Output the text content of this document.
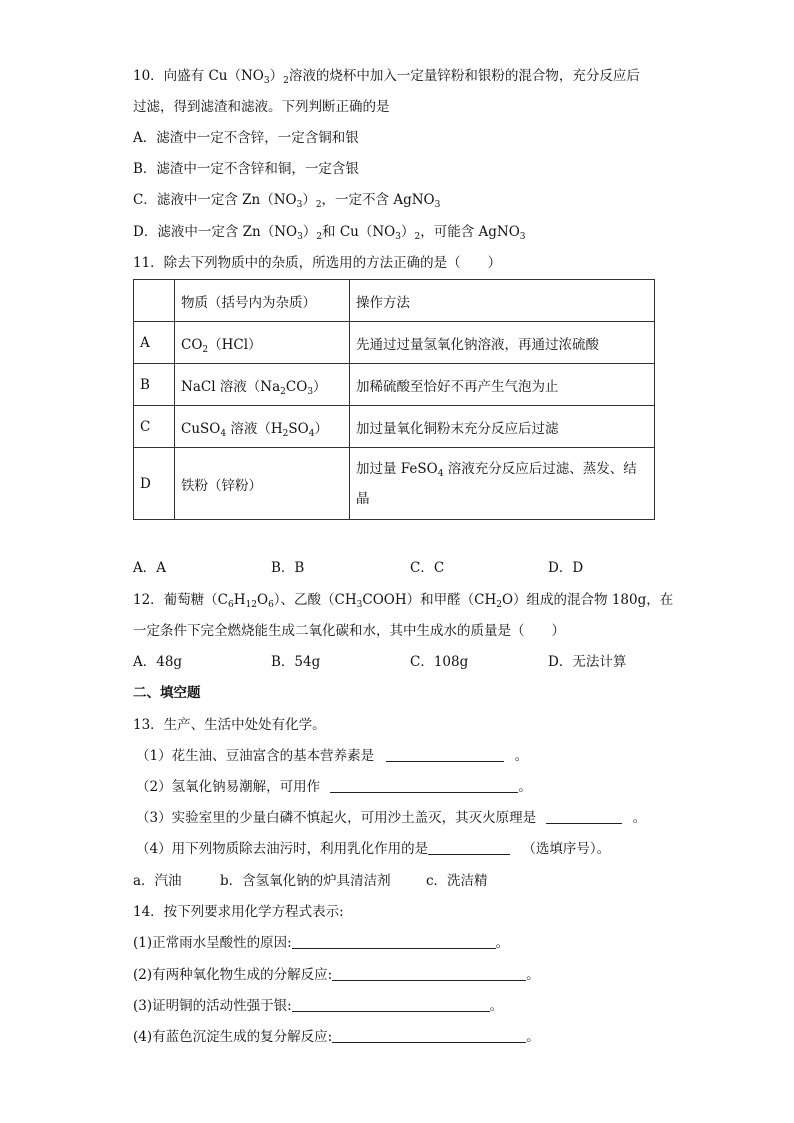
10．向盛有 $Cu(NO_3)_2$溶液的烧杯中加入一定量锌粉和银粉的混合物，充分反应后
过滤，得到滤渣和滤液。下列判断正确的是
A．滤渣中一定不含锌，一定含铜和银
B．滤渣中一定不含锌和铜，一定含银
C．滤液中一定含 $Zn(NO_3)_2$，一定不含 AgNO$_3$
D．滤液中一定含 $Zn(NO_3)_2$和 $Cu(NO_3)_2$，可能含 AgNO$_3$
11．除去下列物质中的杂质，所选用的方法正确的是（　　）
	物质（括号内为杂质）	操作方法
A	$CO_2(HCl)$	先通过过量氢氧化钠溶液，再通过浓硫酸
B	NaCl 溶液$(Na_2CO_3)$	加稀硫酸至恰好不再产生气泡为止
C	CuSO$_4$ 溶液$(H_2SO_4)$	加过量氧化铜粉末充分反应后过滤
D	铁粉（锌粉）	加过量 FeSO$_4$ 溶液充分反应后过滤、蒸发、结
晶
A．A	B．B	C．C	D．D
12．葡萄糖$(C_6H_{12}O_6)$、乙酸$(CH_3COOH)$和甲醛$(CH_2O)$组成的混合物 180g，在
一定条件下完全燃烧能生成二氧化碳和水，其中生成水的质量是（　　）
A．48g	B．54g	C．108g	D．无法计算
二、填空题
13．生产、生活中处处有化学。
（1）花生油、豆油富含的基本营养素是	。
（2）氢氧化钠易潮解，可用作	。
（3）实验室里的少量白磷不慎起火，可用沙土盖灭，其灭火原理是	。
（4）用下列物质除去油污时，利用乳化作用的是	（选填序号）。
a．汽油	b．含氢氧化钠的炉具清洁剂	c．洗洁精
14．按下列要求用化学方程式表示:
(1)正常雨水呈酸性的原因:	。
(2)有两种氧化物生成的分解反应:	。
(3)证明铜的活动性强于银:	。
(4)有蓝色沉淀生成的复分解反应:	。
